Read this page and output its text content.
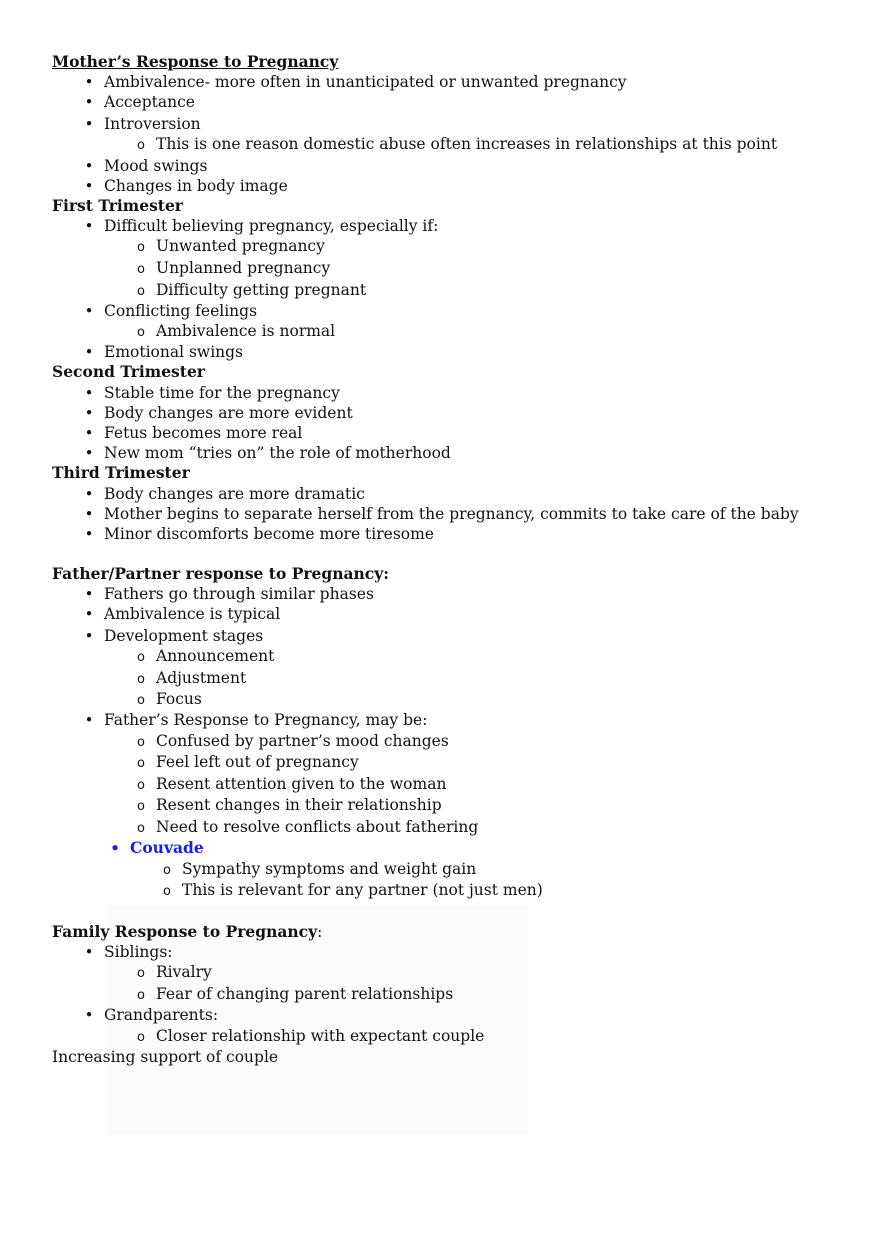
Mother’s Response to Pregnancy
• Ambivalence- more often in unanticipated or unwanted pregnancy
• Acceptance
• Introversion
o This is one reason domestic abuse often increases in relationships at this point
• Mood swings
• Changes in body image
First Trimester
• Difficult believing pregnancy, especially if:
o Unwanted pregnancy
o Unplanned pregnancy
o Difficulty getting pregnant
• Conflicting feelings
o Ambivalence is normal
• Emotional swings
Second Trimester
• Stable time for the pregnancy
• Body changes are more evident
• Fetus becomes more real
• New mom “tries on” the role of motherhood
Third Trimester
• Body changes are more dramatic
• Mother begins to separate herself from the pregnancy, commits to take care of the baby
• Minor discomforts become more tiresome
Father/Partner response to Pregnancy:
• Fathers go through similar phases
• Ambivalence is typical
• Development stages
o Announcement
o Adjustment
o Focus
• Father’s Response to Pregnancy, may be:
o Confused by partner’s mood changes
o Feel left out of pregnancy
o Resent attention given to the woman
o Resent changes in their relationship
o Need to resolve conflicts about fathering
• Couvade
o Sympathy symptoms and weight gain
o This is relevant for any partner (not just men)
Family Response to Pregnancy:
• Siblings:
o Rivalry
o Fear of changing parent relationships
• Grandparents:
o Closer relationship with expectant couple
Increasing support of couple
